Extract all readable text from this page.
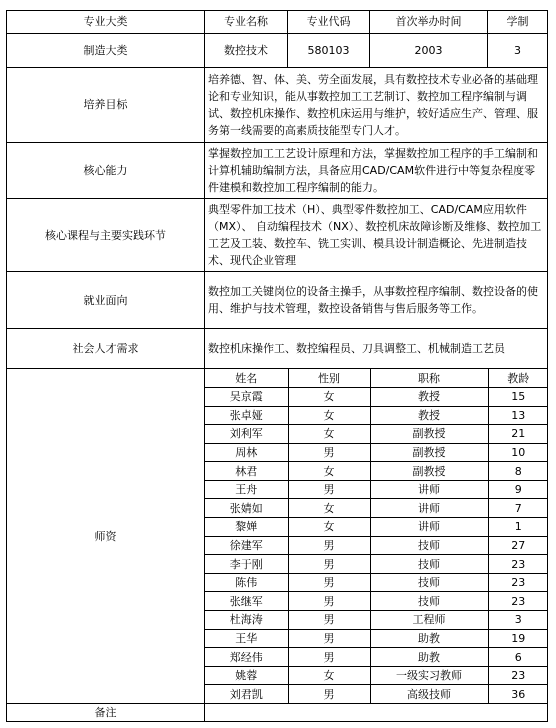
专业大类	专业名称	专业代码	首次举办时间	学制
制造大类	数控技术	580103	2003	3
培养目标	培养德、智、体、美、劳全面发展，具有数控技术专业必备的基础理论和专业知识，能从事数控加工工艺制订、数控加工程序编制与调试、数控机床操作、数控机床运用与维护，较好适应生产、管理、服务第一线需要的高素质技能型专门人才。
核心能力	掌握数控加工工艺设计原理和方法，掌握数控加工程序的手工编制和计算机辅助编制方法，具备应用CAD/CAM软件进行中等复杂程度零件建模和数控加工程序编制的能力。
核心课程与主要实践环节	典型零件加工技术（H）、典型零件数控加工、CAD/CAM应用软件（MX）、 自动编程技术（NX）、数控机床故障诊断及维修、数控加工工艺及工装、数控车、铣工实训、模具设计制造概论、先进制造技术、现代企业管理
就业面向	数控加工关键岗位的设备主操手，从事数控程序编制、数控设备的使用、维护与技术管理，数控设备销售与售后服务等工作。
社会人才需求	数控机床操作工、数控编程员、刀具调整工、机械制造工艺员
师资	
姓名	性别	职称	教龄
吴京霞	女	教授	15
张卓娅	女	教授	13
刘利军	女	副教授	21
周林	男	副教授	10
林君	女	副教授	8
王舟	男	讲师	9
张婧如	女	讲师	7
黎婵	女	讲师	1
徐建军	男	技师	27
李于刚	男	技师	23
陈伟	男	技师	23
张继军	男	技师	23
杜海涛	男	工程师	3
王华	男	助教	19
郑经伟	男	助教	6
姚蓉	女	一级实习教师	23
刘君凯	男	高级技师	36

备注	
